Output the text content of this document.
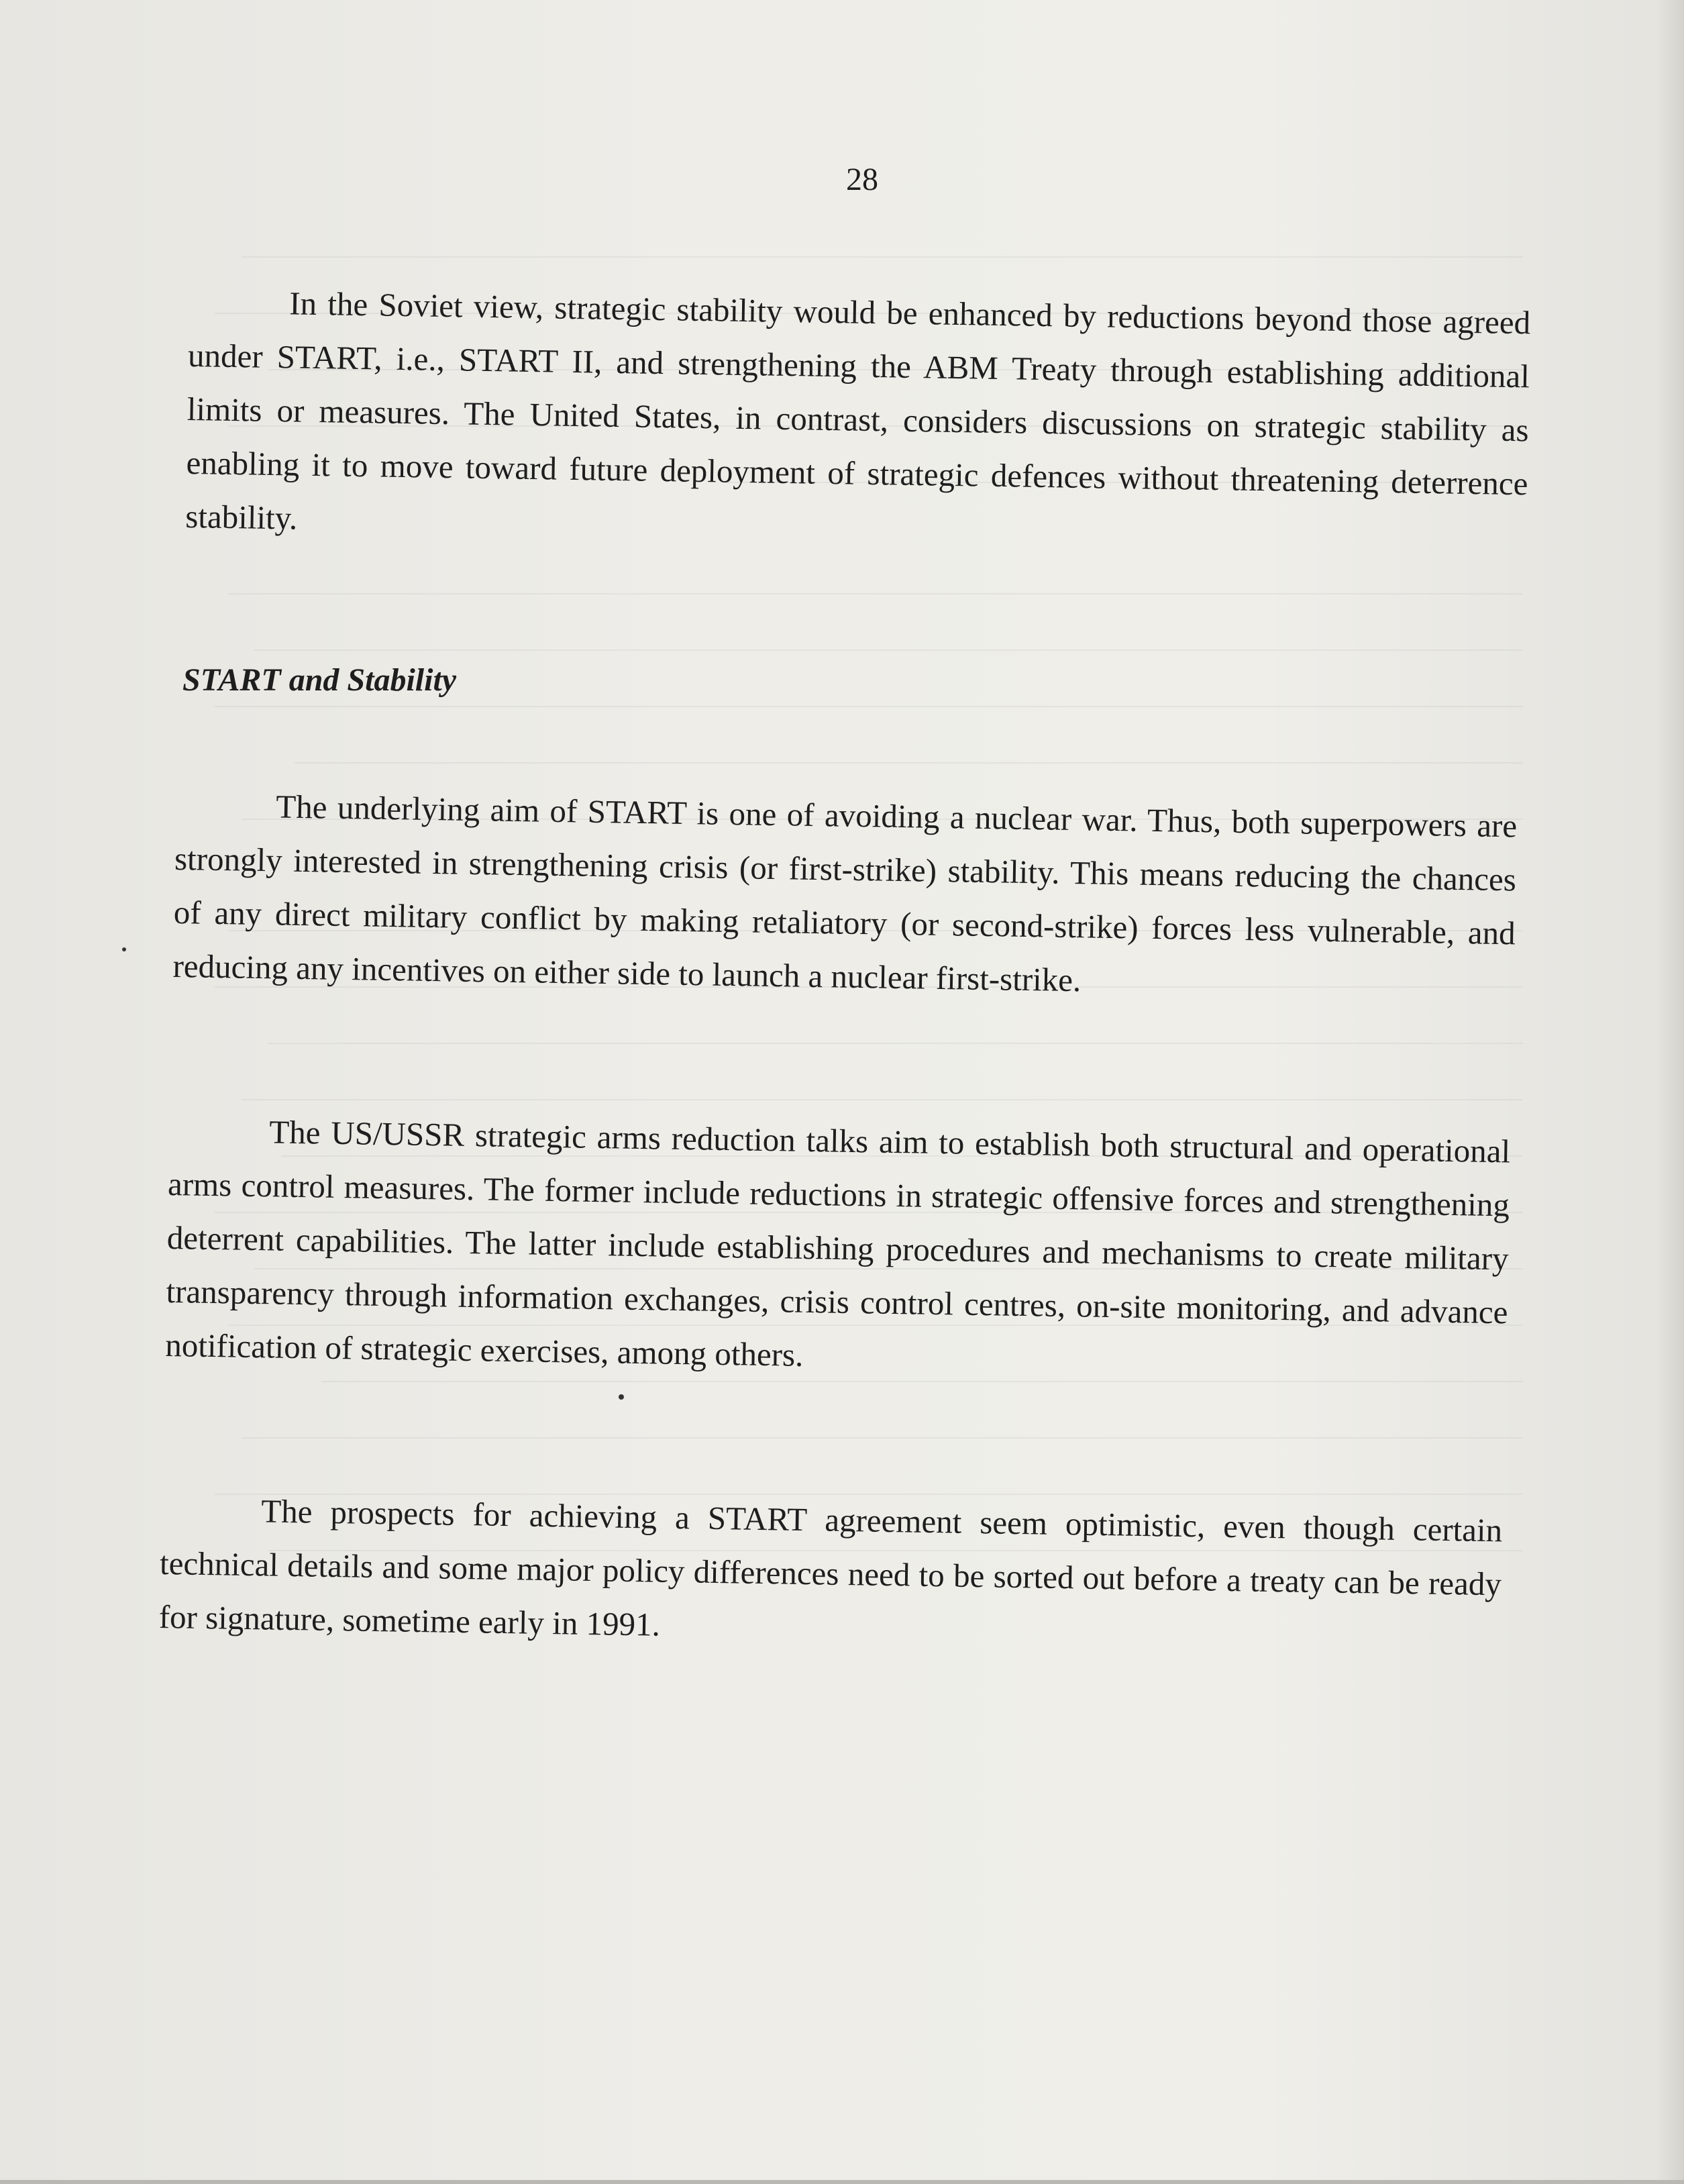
28

In the Soviet view, strategic stability would be enhanced by reductions beyond those agreed under START, i.e., START II, and strengthening the ABM Treaty through establishing additional limits or measures. The United States, in contrast, considers discussions on strategic stability as enabling it to move toward future deployment of strategic defences without threatening deterrence stability.

START and Stability

The underlying aim of START is one of avoiding a nuclear war. Thus, both superpowers are strongly interested in strengthening crisis (or first-strike) stability. This means reducing the chances of any direct military conflict by making retaliatory (or second-strike) forces less vulnerable, and reducing any incentives on either side to launch a nuclear first-strike.

The US/USSR strategic arms reduction talks aim to establish both structural and operational arms control measures. The former include reductions in strategic offensive forces and strengthening deterrent capabilities. The latter include establishing procedures and mechanisms to create military transparency through information exchanges, crisis control centres, on-site monitoring, and advance notification of strategic exercises, among others.

The prospects for achieving a START agreement seem optimistic, even though certain technical details and some major policy differences need to be sorted out before a treaty can be ready for signature, sometime early in 1991.
